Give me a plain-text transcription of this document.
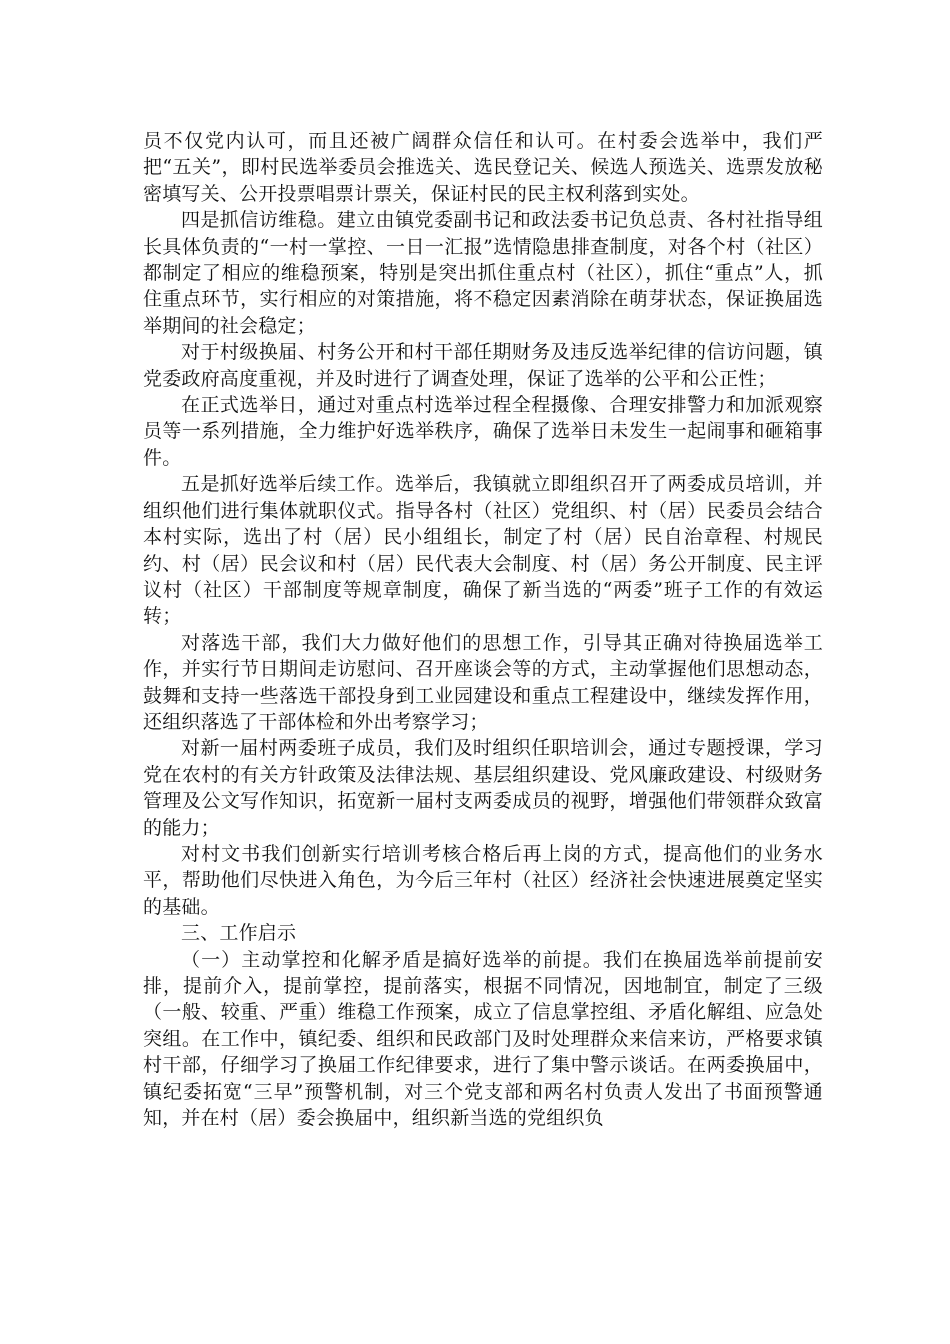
员不仅党内认可，而且还被广阔群众信任和认可。在村委会选举中，我们严把“五关”，即村民选举委员会推选关、选民登记关、候选人预选关、选票发放秘密填写关、公开投票唱票计票关，保证村民的民主权利落到实处。

四是抓信访维稳。建立由镇党委副书记和政法委书记负总责、各村社指导组长具体负责的“一村一掌控、一日一汇报”选情隐患排查制度，对各个村（社区）都制定了相应的维稳预案，特别是突出抓住重点村（社区），抓住“重点”人，抓住重点环节，实行相应的对策措施，将不稳定因素消除在萌芽状态，保证换届选举期间的社会稳定；

对于村级换届、村务公开和村干部任期财务及违反选举纪律的信访问题，镇党委政府高度重视，并及时进行了调查处理，保证了选举的公平和公正性；

在正式选举日，通过对重点村选举过程全程摄像、合理安排警力和加派观察员等一系列措施，全力维护好选举秩序，确保了选举日未发生一起闹事和砸箱事件。

五是抓好选举后续工作。选举后，我镇就立即组织召开了两委成员培训，并组织他们进行集体就职仪式。指导各村（社区）党组织、村（居）民委员会结合本村实际，选出了村（居）民小组组长，制定了村（居）民自治章程、村规民约、村（居）民会议和村（居）民代表大会制度、村（居）务公开制度、民主评议村（社区）干部制度等规章制度，确保了新当选的“两委”班子工作的有效运转；

对落选干部，我们大力做好他们的思想工作，引导其正确对待换届选举工作，并实行节日期间走访慰问、召开座谈会等的方式，主动掌握他们思想动态，鼓舞和支持一些落选干部投身到工业园建设和重点工程建设中，继续发挥作用，还组织落选了干部体检和外出考察学习；

对新一届村两委班子成员，我们及时组织任职培训会，通过专题授课，学习党在农村的有关方针政策及法律法规、基层组织建设、党风廉政建设、村级财务管理及公文写作知识，拓宽新一届村支两委成员的视野，增强他们带领群众致富的能力；

对村文书我们创新实行培训考核合格后再上岗的方式，提高他们的业务水平，帮助他们尽快进入角色，为今后三年村（社区）经济社会快速进展奠定坚实的基础。

三、工作启示

（一）主动掌控和化解矛盾是搞好选举的前提。我们在换届选举前提前安排，提前介入，提前掌控，提前落实，根据不同情况，因地制宜，制定了三级（一般、较重、严重）维稳工作预案，成立了信息掌控组、矛盾化解组、应急处突组。在工作中，镇纪委、组织和民政部门及时处理群众来信来访，严格要求镇村干部，仔细学习了换届工作纪律要求，进行了集中警示谈话。在两委换届中，镇纪委拓宽“三早”预警机制，对三个党支部和两名村负责人发出了书面预警通知，并在村（居）委会换届中，组织新当选的党组织负
